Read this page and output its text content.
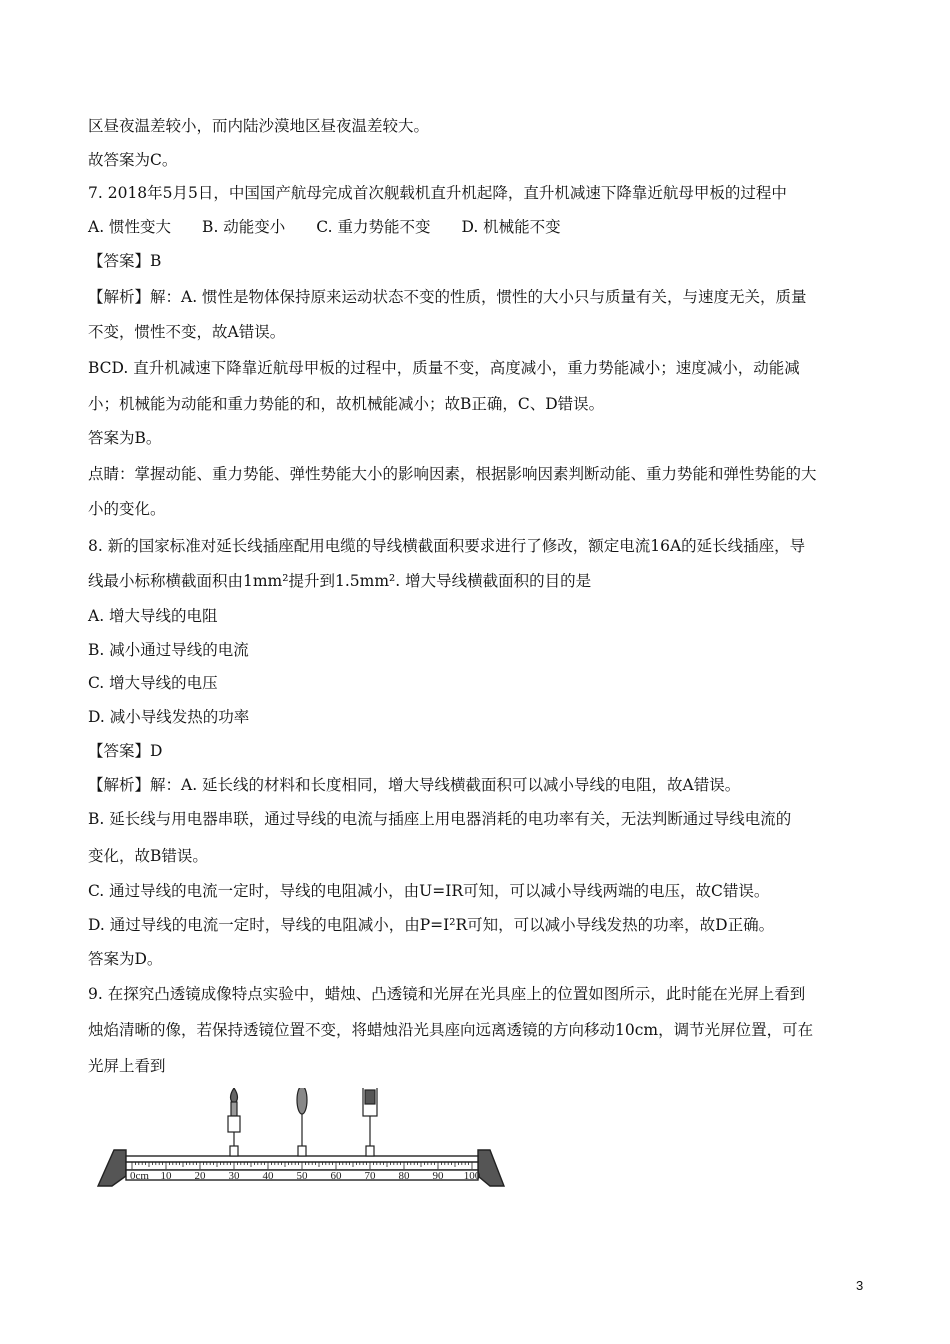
区昼夜温差较小，而内陆沙漠地区昼夜温差较大。
故答案为C。
7. 2018年5月5日，中国国产航母完成首次舰载机直升机起降，直升机减速下降靠近航母甲板的过程中
A. 惯性变大　　B. 动能变小　　C. 重力势能不变　　D. 机械能不变
【答案】B
【解析】解：A. 惯性是物体保持原来运动状态不变的性质，惯性的大小只与质量有关，与速度无关，质量
不变，惯性不变，故A错误。
BCD. 直升机减速下降靠近航母甲板的过程中，质量不变，高度减小，重力势能减小；速度减小，动能减
小；机械能为动能和重力势能的和，故机械能减小；故B正确，C、D错误。
答案为B。
点睛：掌握动能、重力势能、弹性势能大小的影响因素，根据影响因素判断动能、重力势能和弹性势能的大
小的变化。
8. 新的国家标准对延长线插座配用电缆的导线横截面积要求进行了修改，额定电流16A的延长线插座，导
线最小标称横截面积由1mm²提升到1.5mm². 增大导线横截面积的目的是
A. 增大导线的电阻
B. 减小通过导线的电流
C. 增大导线的电压
D. 减小导线发热的功率
【答案】D
【解析】解：A. 延长线的材料和长度相同，增大导线横截面积可以减小导线的电阻，故A错误。
B. 延长线与用电器串联，通过导线的电流与插座上用电器消耗的电功率有关，无法判断通过导线电流的
变化，故B错误。
C. 通过导线的电流一定时，导线的电阻减小，由U=IR可知，可以减小导线两端的电压，故C错误。
D. 通过导线的电流一定时，导线的电阻减小，由P=I²R可知，可以减小导线发热的功率，故D正确。
答案为D。
9. 在探究凸透镜成像特点实验中，蜡烛、凸透镜和光屏在光具座上的位置如图所示，此时能在光屏上看到
烛焰清晰的像，若保持透镜位置不变，将蜡烛沿光具座向远离透镜的方向移动10cm，调节光屏位置，可在
光屏上看到
0cm 10 20 30 40 50 60 70 80 90 100
3
